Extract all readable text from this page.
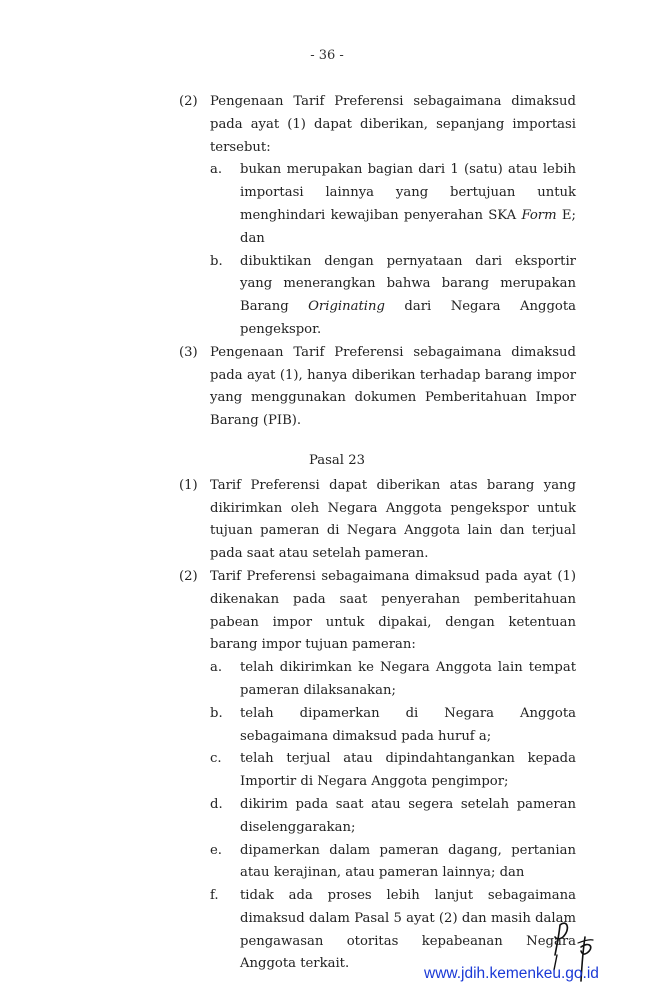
- 36 -
(2) Pengenaan Tarif Preferensi sebagaimana dimaksud pada ayat (1) dapat diberikan, sepanjang importasi tersebut:
a. bukan merupakan bagian dari 1 (satu) atau lebih importasi lainnya yang bertujuan untuk menghindari kewajiban penyerahan SKA Form E; dan
b. dibuktikan dengan pernyataan dari eksportir yang menerangkan bahwa barang merupakan Barang Originating dari Negara Anggota pengekspor.
(3) Pengenaan Tarif Preferensi sebagaimana dimaksud pada ayat (1), hanya diberikan terhadap barang impor yang menggunakan dokumen Pemberitahuan Impor Barang (PIB).
Pasal 23
(1) Tarif Preferensi dapat diberikan atas barang yang dikirimkan oleh Negara Anggota pengekspor untuk tujuan pameran di Negara Anggota lain dan terjual pada saat atau setelah pameran.
(2) Tarif Preferensi sebagaimana dimaksud pada ayat (1) dikenakan pada saat penyerahan pemberitahuan pabean impor untuk dipakai, dengan ketentuan barang impor tujuan pameran:
a. telah dikirimkan ke Negara Anggota lain tempat pameran dilaksanakan;
b. telah dipamerkan di Negara Anggota sebagaimana dimaksud pada huruf a;
c. telah terjual atau dipindahtangankan kepada Importir di Negara Anggota pengimpor;
d. dikirim pada saat atau segera setelah pameran diselenggarakan;
e. dipamerkan dalam pameran dagang, pertanian atau kerajinan, atau pameran lainnya; dan
f. tidak ada proses lebih lanjut sebagaimana dimaksud dalam Pasal 5 ayat (2) dan masih dalam pengawasan otoritas kepabeanan Negara Anggota terkait.
www.jdih.kemenkeu.go.id
